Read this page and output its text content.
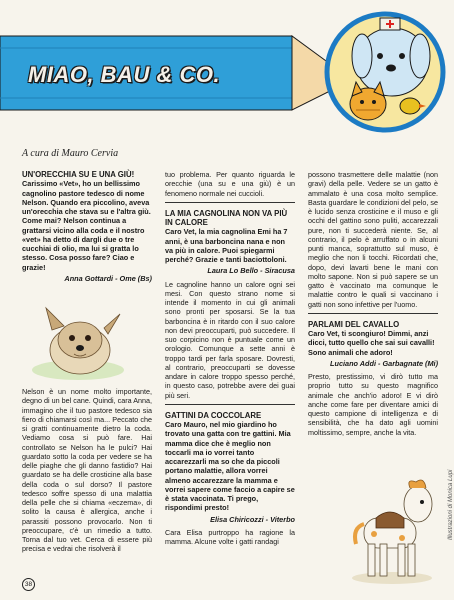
MIAO, BAU & CO.
A cura di Mauro Cervia

UN'ORECCHIA SU E UNA GIÙ!

Carissimo «Vet», ho un bellissimo cagnolino pastore tedesco di nome Nelson. Quando era piccolino, aveva un'orecchia che stava su e l'altra giù. Come mai? Nelson continua a grattarsi vicino alla coda e il nostro «vet» ha detto di dargli due o tre cucchiai di olio, ma lui si gratta lo stesso. Cosa posso fare? Ciao e grazie!

Anna Gottardi - Ome (Bs)

Nelson è un nome molto importante, degno di un bel cane. Quindi, cara Anna, immagino che il tuo pastore tedesco sia fiero di chiamarsi così ma... Peccato che si gratti continuamente dietro la coda. Vediamo cosa si può fare. Hai controllato se Nelson ha le pulci? Hai guardato sotto la coda per vedere se ha delle piaghe che gli danno fastidio? Hai guardato se ha delle crosticine alla base della coda o sul dorso? Il pastore tedesco soffre spesso di una malattia della pelle che si chiama «eczema», di solito la causa è allergica, anche i parassiti possono provocarlo. Non ti preoccupare, c'è un rimedio a tutto. Torna dal tuo vet. Cerca di essere più precisa e vedrai che risolverà il

tuo problema. Per quanto riguarda le orecchie (una su e una giù) è un fenomeno normale nei cuccioli.

LA MIA CAGNOLINA NON VA PIÙ IN CALORE

Caro Vet, la mia cagnolina Emi ha 7 anni, è una barboncina nana e non va più in calore. Puoi spiegarmi perché? Grazie e tanti baciottoloni.

Laura Lo Bello - Siracusa

Le cagnoline hanno un calore ogni sei mesi. Con questo strano nome si intende il momento in cui gli animali sono pronti per sposarsi. Se la tua barboncina è in ritardo con il suo calore non devi preoccuparti, può succedere. Il suo corpicino non è puntuale come un orologio. Comunque a sette anni è troppo tardi per farla sposare. Dovresti, al contrario, preoccuparti se dovesse andare in calore troppo spesso perché, in questo caso, potrebbe avere dei guai più seri.

GATTINI DA COCCOLARE

Caro Mauro, nel mio giardino ho trovato una gatta con tre gattini. Mia mamma dice che è meglio non toccarli ma io vorrei tanto accarezzarli ma so che da piccoli portano malattie, allora vorrei almeno accarezzare la mamma e vorrei sapere come faccio a capire se è stata vaccinata. Ti prego, rispondimi presto!

Elisa Chiricozzi - Viterbo

Cara Elisa purtroppo ha ragione la mamma. Alcune volte i gatti randagi

possono trasmettere delle malattie (non gravi) della pelle. Vedere se un gatto è ammalato è una cosa molto semplice. Basta guardare le condizioni del pelo, se è lucido senza crosticine e il muso e gli occhi del gattino sono puliti, accarezzali pure, non ti succederà niente. Se, al contrario, il pelo è arruffato o in alcuni punti manca, soprattutto sul muso, è meglio che non li tocchi. Ricordati che, dopo, devi lavarti bene le mani con molto sapone. Non si può sapere se un gatto è vaccinato ma comunque le malattie contro le quali si vaccinano i gatti non sono infettive per l'uomo.

PARLAMI DEL CAVALLO

Caro Vet, ti scongiuro! Dimmi, anzi dicci, tutto quello che sai sui cavalli! Sono animali che adoro!

Luciano Addi - Garbagnate (Mi)

Presto, prestissimo, vi dirò tutto ma proprio tutto su questo magnifico animale che anch'io adoro! E vi dirò anche come fare per diventare amici di questo campione di intelligenza e di sensibilità, che ha dato agli uomini moltissimo, sempre, anche la vita.

38
Illustrazioni di Monica Lupi
